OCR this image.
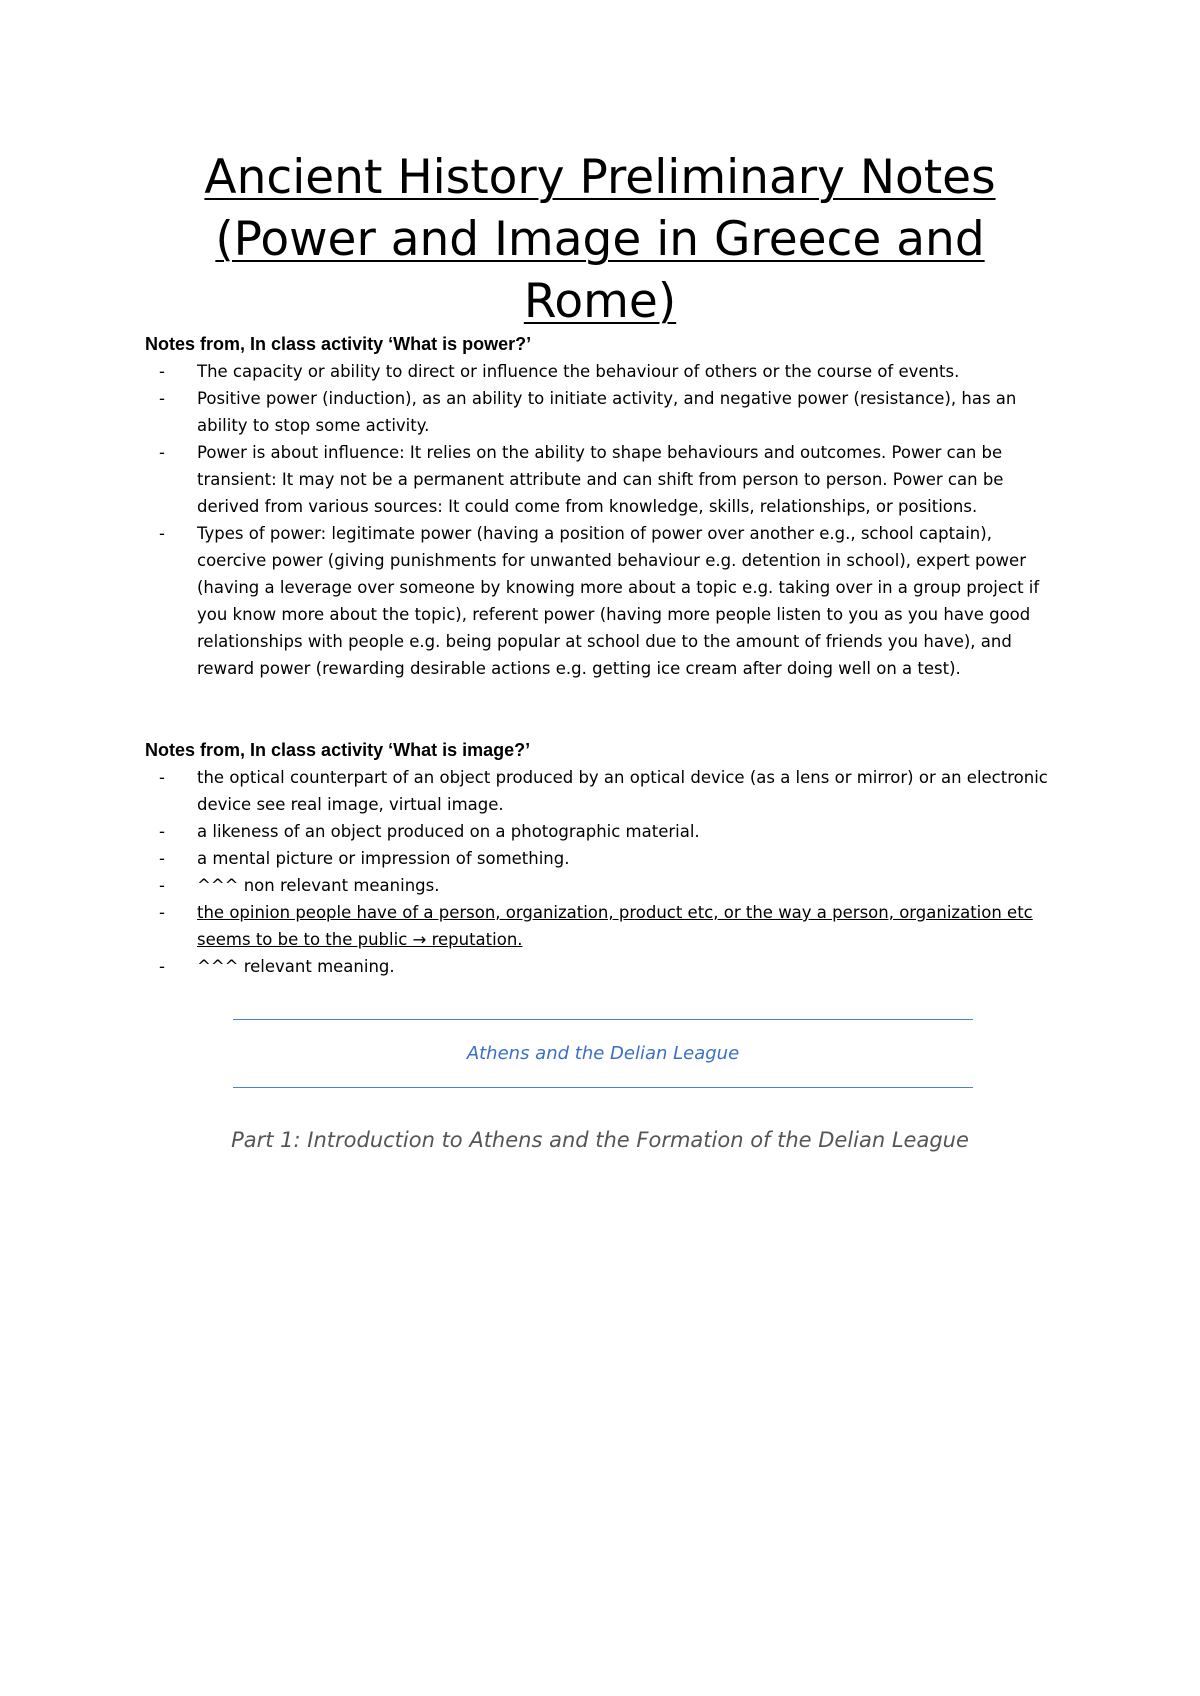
Ancient History Preliminary Notes
(Power and Image in Greece and
Rome)

Notes from, In class activity ‘What is power?’

- The capacity or ability to direct or influence the behaviour of others or the course of events.
- Positive power (induction), as an ability to initiate activity, and negative power (resistance), has an ability to stop some activity.
- Power is about influence: It relies on the ability to shape behaviours and outcomes. Power can be transient: It may not be a permanent attribute and can shift from person to person. Power can be derived from various sources: It could come from knowledge, skills, relationships, or positions.
- Types of power: legitimate power (having a position of power over another e.g., school captain), coercive power (giving punishments for unwanted behaviour e.g. detention in school), expert power (having a leverage over someone by knowing more about a topic e.g. taking over in a group project if you know more about the topic), referent power (having more people listen to you as you have good relationships with people e.g. being popular at school due to the amount of friends you have), and reward power (rewarding desirable actions e.g. getting ice cream after doing well on a test).

Notes from, In class activity ‘What is image?’

- the optical counterpart of an object produced by an optical device (as a lens or mirror) or an electronic device see real image, virtual image.
- a likeness of an object produced on a photographic material.
- a mental picture or impression of something.
- ^^^ non relevant meanings.
- the opinion people have of a person, organization, product etc, or the way a person, organization etc seems to be to the public → reputation.
- ^^^ relevant meaning.
Athens and the Delian League
Part 1: Introduction to Athens and the Formation of the Delian League
